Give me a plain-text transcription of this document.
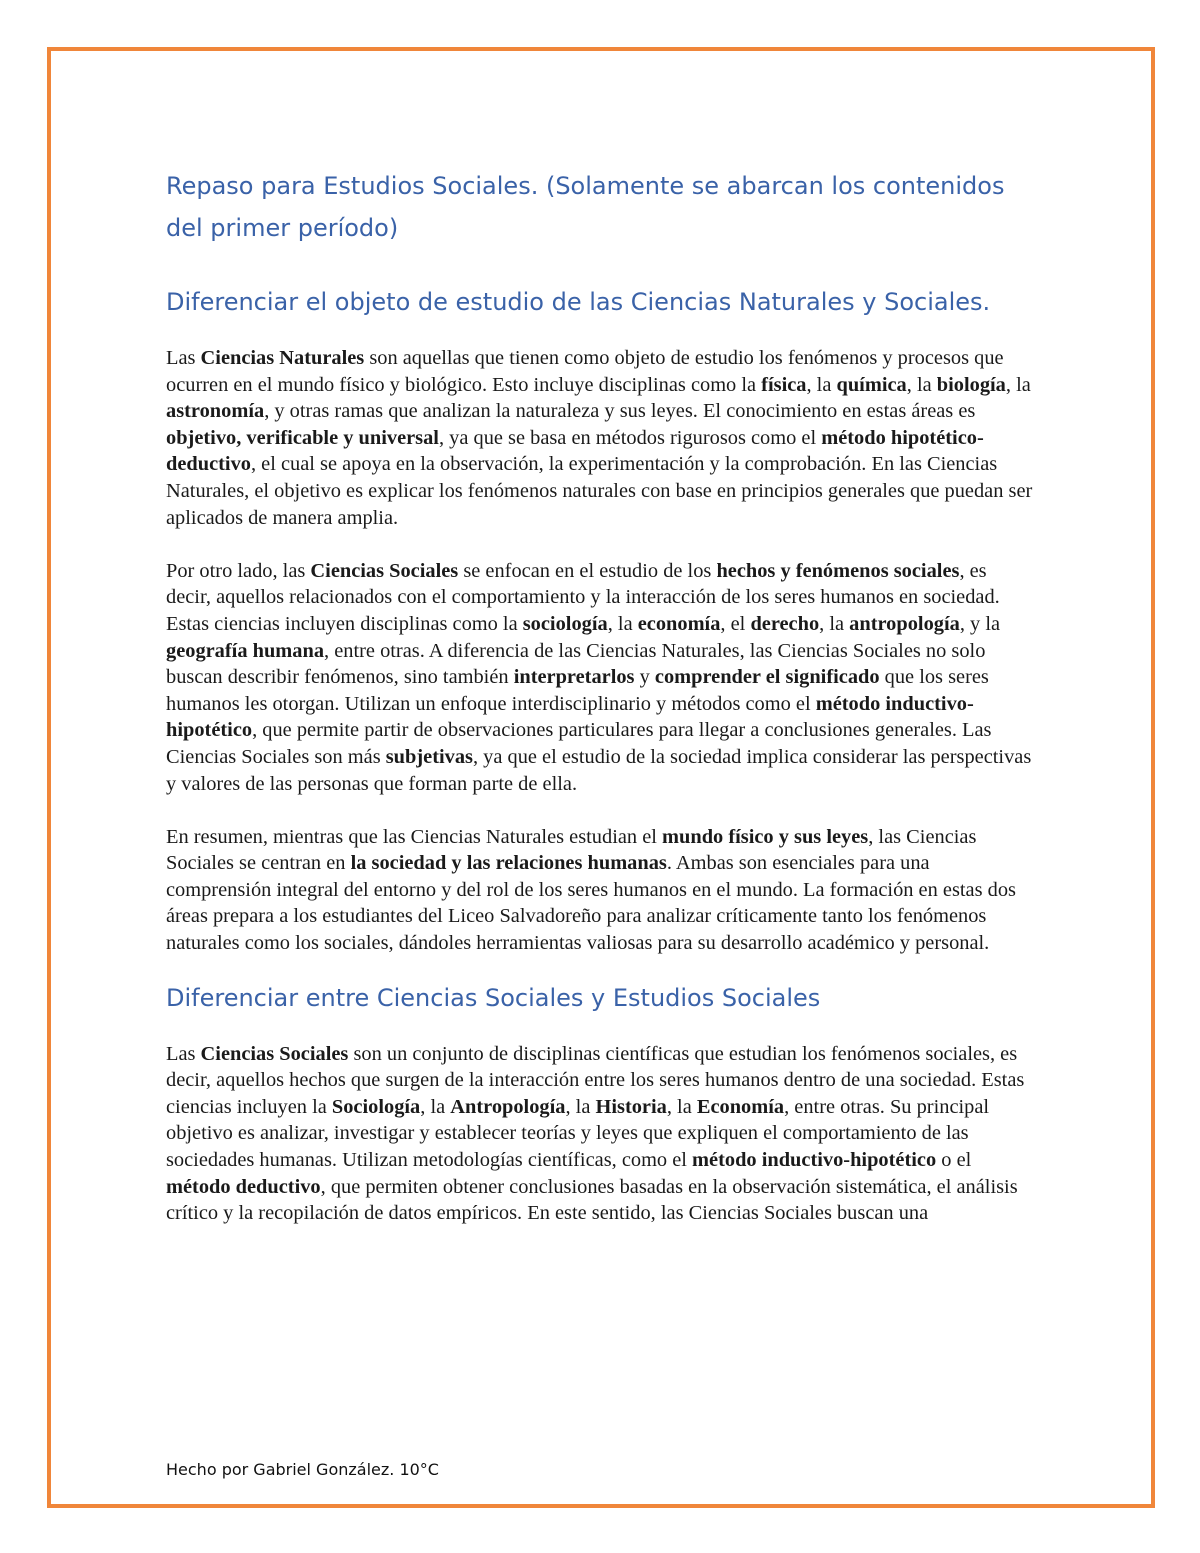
Repaso para Estudios Sociales. (Solamente se abarcan los contenidos del primer período)
Diferenciar el objeto de estudio de las Ciencias Naturales y Sociales.

Las Ciencias Naturales son aquellas que tienen como objeto de estudio los fenómenos y procesos que ocurren en el mundo físico y biológico. Esto incluye disciplinas como la física, la química, la biología, la astronomía, y otras ramas que analizan la naturaleza y sus leyes. El conocimiento en estas áreas es objetivo, verificable y universal, ya que se basa en métodos rigurosos como el método hipotético-deductivo, el cual se apoya en la observación, la experimentación y la comprobación. En las Ciencias Naturales, el objetivo es explicar los fenómenos naturales con base en principios generales que puedan ser aplicados de manera amplia.

Por otro lado, las Ciencias Sociales se enfocan en el estudio de los hechos y fenómenos sociales, es decir, aquellos relacionados con el comportamiento y la interacción de los seres humanos en sociedad. Estas ciencias incluyen disciplinas como la sociología, la economía, el derecho, la antropología, y la geografía humana, entre otras. A diferencia de las Ciencias Naturales, las Ciencias Sociales no solo buscan describir fenómenos, sino también interpretarlos y comprender el significado que los seres humanos les otorgan. Utilizan un enfoque interdisciplinario y métodos como el método inductivo-hipotético, que permite partir de observaciones particulares para llegar a conclusiones generales. Las Ciencias Sociales son más subjetivas, ya que el estudio de la sociedad implica considerar las perspectivas y valores de las personas que forman parte de ella.

En resumen, mientras que las Ciencias Naturales estudian el mundo físico y sus leyes, las Ciencias Sociales se centran en la sociedad y las relaciones humanas. Ambas son esenciales para una comprensión integral del entorno y del rol de los seres humanos en el mundo. La formación en estas dos áreas prepara a los estudiantes del Liceo Salvadoreño para analizar críticamente tanto los fenómenos naturales como los sociales, dándoles herramientas valiosas para su desarrollo académico y personal.

Diferenciar entre Ciencias Sociales y Estudios Sociales

Las Ciencias Sociales son un conjunto de disciplinas científicas que estudian los fenómenos sociales, es decir, aquellos hechos que surgen de la interacción entre los seres humanos dentro de una sociedad. Estas ciencias incluyen la Sociología, la Antropología, la Historia, la Economía, entre otras. Su principal objetivo es analizar, investigar y establecer teorías y leyes que expliquen el comportamiento de las sociedades humanas. Utilizan metodologías científicas, como el método inductivo-hipotético o el método deductivo, que permiten obtener conclusiones basadas en la observación sistemática, el análisis crítico y la recopilación de datos empíricos. En este sentido, las Ciencias Sociales buscan una

Hecho por Gabriel González. 10°C
